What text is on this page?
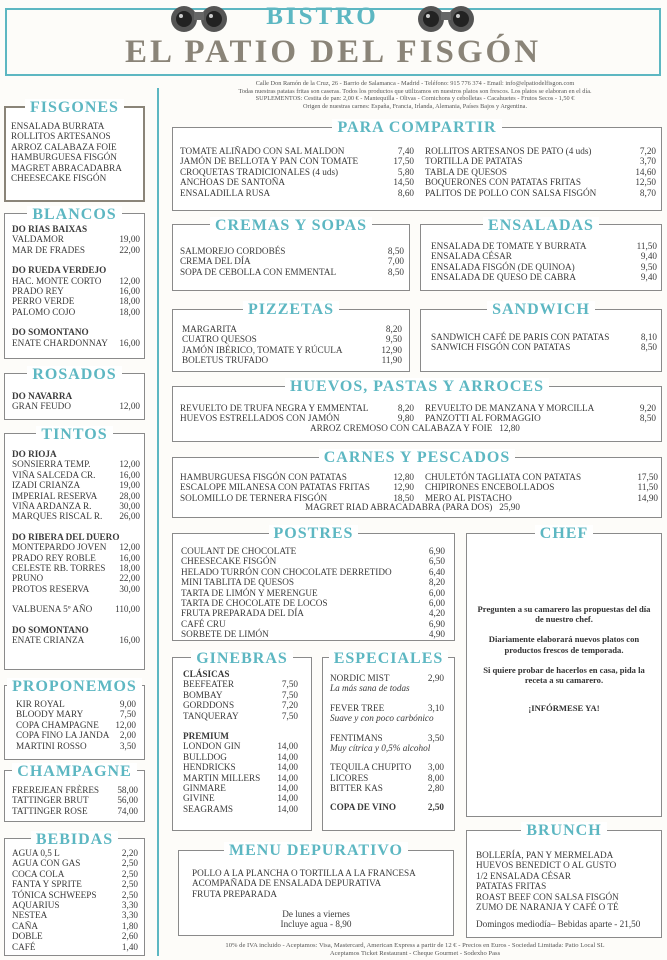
BISTRO
EL PATIO DEL FISGÓN
Calle Don Ramón de la Cruz, 26 - Barrio de Salamanca - Madrid - Teléfono: 915 776 374 - Email: info@elpatiodelfisgon.com
Todas nuestras patatas fritas son caseras. Todos los productos que utilizamos en nuestros platos son frescos. Los platos se elaboran en el día.
SUPLEMENTOS: Cestita de pan: 2,00 € - Mantequilla - Olivas - Cornichons y cebolletas - Cacahuetes - Frutos Secos - 1,50 €
Origen de nuestras carnes: España, Francia, Irlanda, Alemania, Países Bajos y Argentina.
FISGONES
ENSALADA BURRATA
ROLLITOS ARTESANOS
ARROZ CALABAZA FOIE
HAMBURGUESA FISGÓN
MAGRET ABRACADABRA
CHEESECAKE FISGÓN
BLANCOS
DO RIAS BAIXAS
VALDAMOR	19,00
MAR DE FRADES	22,00
DO RUEDA VERDEJO
HAC. MONTE CORTO 12,00
PRADO REY	16,00
PERRO VERDE	18,00
PALOMO COJO	18,00
DO SOMONTANO
ENATE CHARDONNAY 16,00
ROSADOS
DO NAVARRA
GRAN FEUDO	12,00
TINTOS
DO RIOJA
SONSIERRA TEMP.	12,00
VIÑA SALCEDA CR.	16,00
IZADI CRIANZA	19,00
IMPERIAL RESERVA 28,00
VIÑA ARDANZA R.	30,00
MARQUES RISCAL R. 26,00
DO RIBERA DEL DUERO
MONTEPARDO JOVEN 12,00
PRADO REY ROBLE	16,00
CELESTE RB. TORRES 18,00
PRUNO	22,00
PROTOS RESERVA	30,00
VALBUENA 5º AÑO 110,00
DO SOMONTANO
ENATE CRIANZA	16,00
PROPONEMOS
KIR ROYAL	9,00
BLOODY MARY	7,50
COPA CHAMPAGNE 12,00
COPA FINO LA JANDA 2,00
MARTINI ROSSO	3,50
CHAMPAGNE
FREREJEAN FRÈRES 58,00
TATTINGER BRUT	56,00
TATTINGER ROSE	74,00
BEBIDAS
AGUA 0,5 L	2,20
AGUA CON GAS	2,50
COCA COLA	2,50
FANTA Y SPRITE	2,50
TÓNICA SCHWEEPS	2,50
AQUARIUS	3,30
NESTEA	3,30
CAÑA	1,80
DOBLE	2,60
CAFÉ	1,40
PARA COMPARTIR
TOMATE ALIÑADO CON SAL MALDON	7,40
JAMÓN DE BELLOTA Y PAN CON TOMATE	17,50
CROQUETAS TRADICIONALES (4 uds)	5,80
ANCHOAS DE SANTOÑA	14,50
ENSALADILLA RUSA	8,60
ROLLITOS ARTESANOS DE PATO (4 uds)	7,20
TORTILLA DE PATATAS	3,70
TABLA DE QUESOS	14,60
BOQUERONES CON PATATAS FRITAS	12,50
PALITOS DE POLLO CON SALSA FISGÓN	8,70
CREMAS Y SOPAS
SALMOREJO CORDOBÉS	8,50
CREMA DEL DÍA	7,00
SOPA DE CEBOLLA CON EMMENTAL	8,50
ENSALADAS
ENSALADA DE TOMATE Y BURRATA	11,50
ENSALADA CÉSAR	9,40
ENSALADA FISGÓN (DE QUINOA)	9,50
ENSALADA DE QUESO DE CABRA	9,40
PIZZETAS
MARGARITA	8,20
CUATRO QUESOS	9,50
JAMÓN IBÉRICO, TOMATE Y RÚCULA	12,90
BOLETUS TRUFADO	11,90
SANDWICH
SANDWICH CAFÉ DE PARIS CON PATATAS	8,10
SANWICH FISGÓN CON PATATAS	8,50
HUEVOS, PASTAS Y ARROCES
REVUELTO DE TRUFA NEGRA Y EMMENTAL	8,20
HUEVOS ESTRELLADOS CON JAMÓN	9,80
REVUELTO DE MANZANA Y MORCILLA	9,20
PANZOTTI AL FORMAGGIO	8,50
ARROZ CREMOSO CON CALABAZA Y FOIE 12,80
CARNES Y PESCADOS
HAMBURGUESA FISGÓN CON PATATAS	12,80
ESCALOPE MILANESA CON PATATAS FRITAS	12,90
SOLOMILLO DE TERNERA FISGÓN	18,50
CHULETÓN TAGLIATA CON PATATAS	17,50
CHIPIRONES ENCEBOLLADOS	11,50
MERO AL PISTACHO	14,90
MAGRET RIAD ABRACADABRA (PARA DOS) 25,90
POSTRES
COULANT DE CHOCOLATE	6,90
CHEESECAKE FISGÓN	6,50
HELADO TURRÓN CON CHOCOLATE DERRETIDO	6,40
MINI TABLITA DE QUESOS	8,20
TARTA DE LIMÓN Y MERENGUE	6,00
TARTA DE CHOCOLATE DE LOCOS	6,00
FRUTA PREPARADA DEL DÍA	4,20
CAFÉ CRU	6,90
SORBETE DE LIMÓN	4,90
CHEF
Pregunten a su camarero las propuestas del día de nuestro chef.
Diariamente elaborará nuevos platos con productos frescos de temporada.
Si quiere probar de hacerlos en casa, pida la receta a su camarero.
¡INFÓRMESE YA!
GINEBRAS
CLÁSICAS
BEEFEATER	7,50
BOMBAY	7,50
GORDDONS	7,20
TANQUERAY	7,50
PREMIUM
LONDON GIN	14,00
BULLDOG	14,00
HENDRICKS	14,00
MARTIN MILLERS 14,00
GINMARE	14,00
GIVINE	14,00
SEAGRAMS	14,00
ESPECIALES
NORDIC MIST	2,90
La más sana de todas
FEVER TREE	3,10
Suave y con poco carbónico
FENTIMANS	3,50
Muy cítrica y 0,5% alcohol
TEQUILA CHUPITO 3,00
LICORES	8,00
BITTER KAS	2,80
COPA DE VINO	2,50
BRUNCH
BOLLERÍA, PAN Y MERMELADA
HUEVOS BENEDICT O AL GUSTO
1/2 ENSALADA CÉSAR
PATATAS FRITAS
ROAST BEEF CON SALSA FISGÓN
ZUMO DE NARANJA Y CAFÉ O TÉ
Domingos mediodía– Bebidas aparte - 21,50
MENU DEPURATIVO
POLLO A LA PLANCHA O TORTILLA A LA FRANCESA
ACOMPAÑADA DE ENSALADA DEPURATIVA
FRUTA PREPARADA
De lunes a viernes
Incluye agua - 8,90
10% de IVA incluido - Aceptamos: Visa, Mastercard, American Express a partir de 12 € - Precios en Euros - Sociedad Limitada: Patio Local SL
Aceptamos Ticket Restaurant - Cheque Gourmet - Sodexho Pass
